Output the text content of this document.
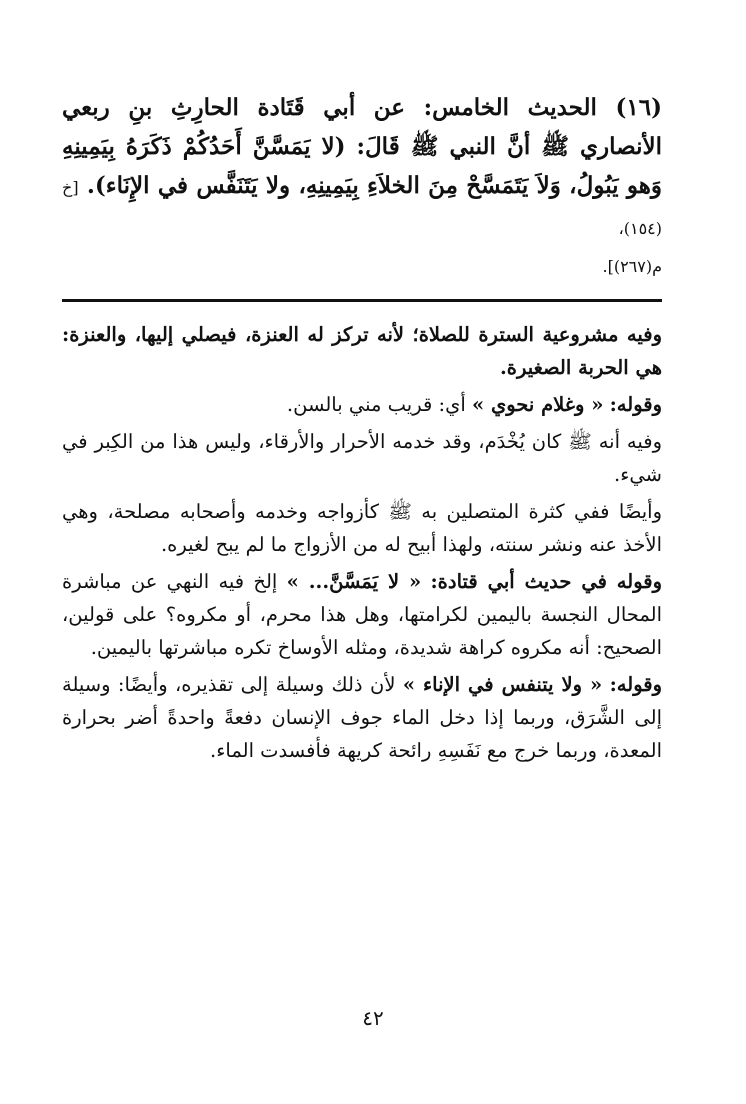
(١٦) الحديث الخامس: عن أبي قَتَادة الحارِثِ بنِ ربعي الأنصاري ﷺ أنَّ النبي ﷺ قَالَ: (لا يَمَسَّنَّ أَحَدُكُمْ ذَكَرَهُ بِيَمِينِهِ وَهو يَبُولُ، وَلاَ يَتَمَسَّحْ مِنَ الخلاَءِ بِيَمِينِهِ، ولا يَتَنَفَّس في الإِنَاء). [خ (١٥٤)،
م(٢٦٧)].

وفيه مشروعية السترة للصلاة؛ لأنه تركز له العنزة، فيصلي إليها، والعنزة: هي الحربة الصغيرة.

وقوله: « وغلام نحوي » أي: قريب مني بالسن.

وفيه أنه ﷺ كان يُخْدَم، وقد خدمه الأحرار والأرقاء، وليس هذا من الكِبر في شيء.

وأيضًا ففي كثرة المتصلين به ﷺ كأزواجه وخدمه وأصحابه مصلحة، وهي الأخذ عنه ونشر سنته، ولهذا أبيح له من الأزواج ما لم يبح لغيره.

وقوله في حديث أبي قتادة: « لا يَمَسَّنَّ... » إلخ فيه النهي عن مباشرة المحال النجسة باليمين لكرامتها، وهل هذا محرم، أو مكروه؟ على قولين، الصحيح: أنه مكروه كراهة شديدة، ومثله الأوساخ تكره مباشرتها باليمين.

وقوله: « ولا يتنفس في الإناء » لأن ذلك وسيلة إلى تقذيره، وأيضًا: وسيلة إلى الشَّرَق، وربما إذا دخل الماء جوف الإنسان دفعةً واحدةً أضر بحرارة المعدة، وربما خرج مع نَفَسِهِ رائحة كريهة فأفسدت الماء.

٤٢
